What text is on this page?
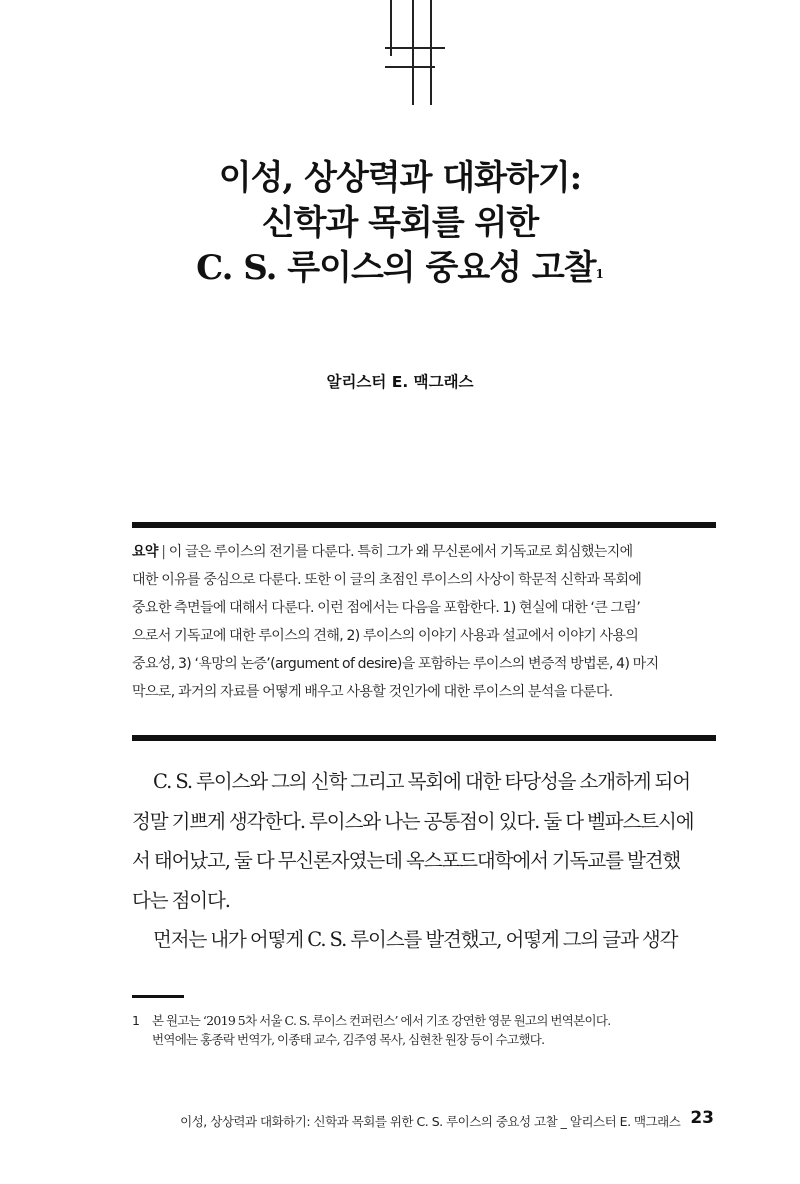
이성, 상상력과 대화하기:
신학과 목회를 위한
C. S. 루이스의 중요성 고찰$^1$
알리스터 E. 맥그래스
요약 | 이 글은 루이스의 전기를 다룬다. 특히 그가 왜 무신론에서 기독교로 회심했는지에
대한 이유를 중심으로 다룬다. 또한 이 글의 초점인 루이스의 사상이 학문적 신학과 목회에
중요한 측면들에 대해서 다룬다. 이런 점에서는 다음을 포함한다. 1) 현실에 대한 ‘큰 그림’
으로서 기독교에 대한 루이스의 견해, 2) 루이스의 이야기 사용과 설교에서 이야기 사용의
중요성, 3) ‘욕망의 논증’(argument of desire)을 포함하는 루이스의 변증적 방법론, 4) 마지
막으로, 과거의 자료를 어떻게 배우고 사용할 것인가에 대한 루이스의 분석을 다룬다.
C. S. 루이스와 그의 신학 그리고 목회에 대한 타당성을 소개하게 되어
정말 기쁘게 생각한다. 루이스와 나는 공통점이 있다. 둘 다 벨파스트시에
서 태어났고, 둘 다 무신론자였는데 옥스포드대학에서 기독교를 발견했
다는 점이다.
먼저는 내가 어떻게 C. S. 루이스를 발견했고, 어떻게 그의 글과 생각
1	본 원고는 ‘2019 5차 서울 C. S. 루이스 컨퍼런스’ 에서 기조 강연한 영문 원고의 번역본이다.
번역에는 홍종락 번역가, 이종태 교수, 김주영 목사, 심현찬 원장 등이 수고했다.
이성, 상상력과 대화하기: 신학과 목회를 위한 C. S. 루이스의 중요성 고찰 _ 알리스터 E. 맥그래스 23
